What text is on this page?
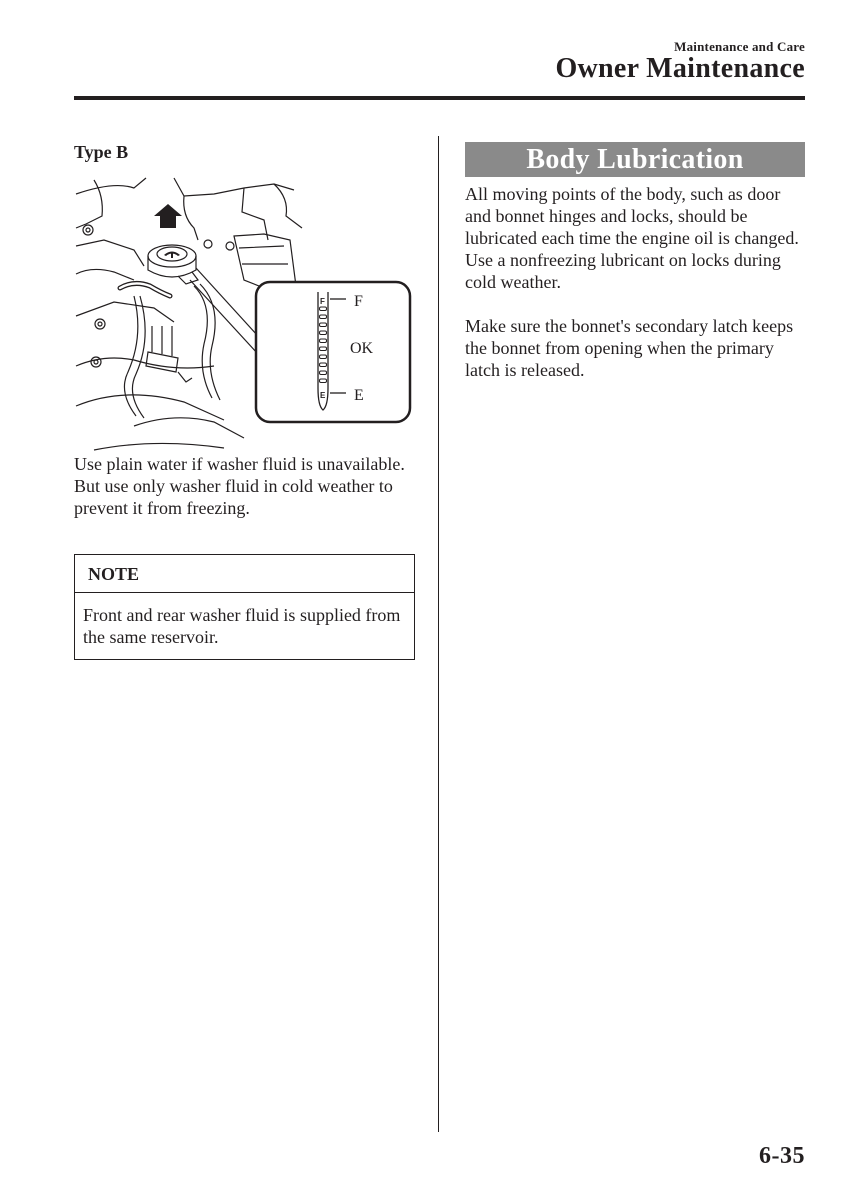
Maintenance and Care
Owner Maintenance
Type B
F
E
F
OK
E
Use plain water if washer fluid is unavailable.
But use only washer fluid in cold weather to prevent it from freezing.
NOTE
Front and rear washer fluid is supplied from the same reservoir.
Body Lubrication

All moving points of the body, such as door and bonnet hinges and locks, should be lubricated each time the engine oil is changed. Use a nonfreezing lubricant on locks during cold weather.

Make sure the bonnet's secondary latch keeps the bonnet from opening when the primary latch is released.

6-35
